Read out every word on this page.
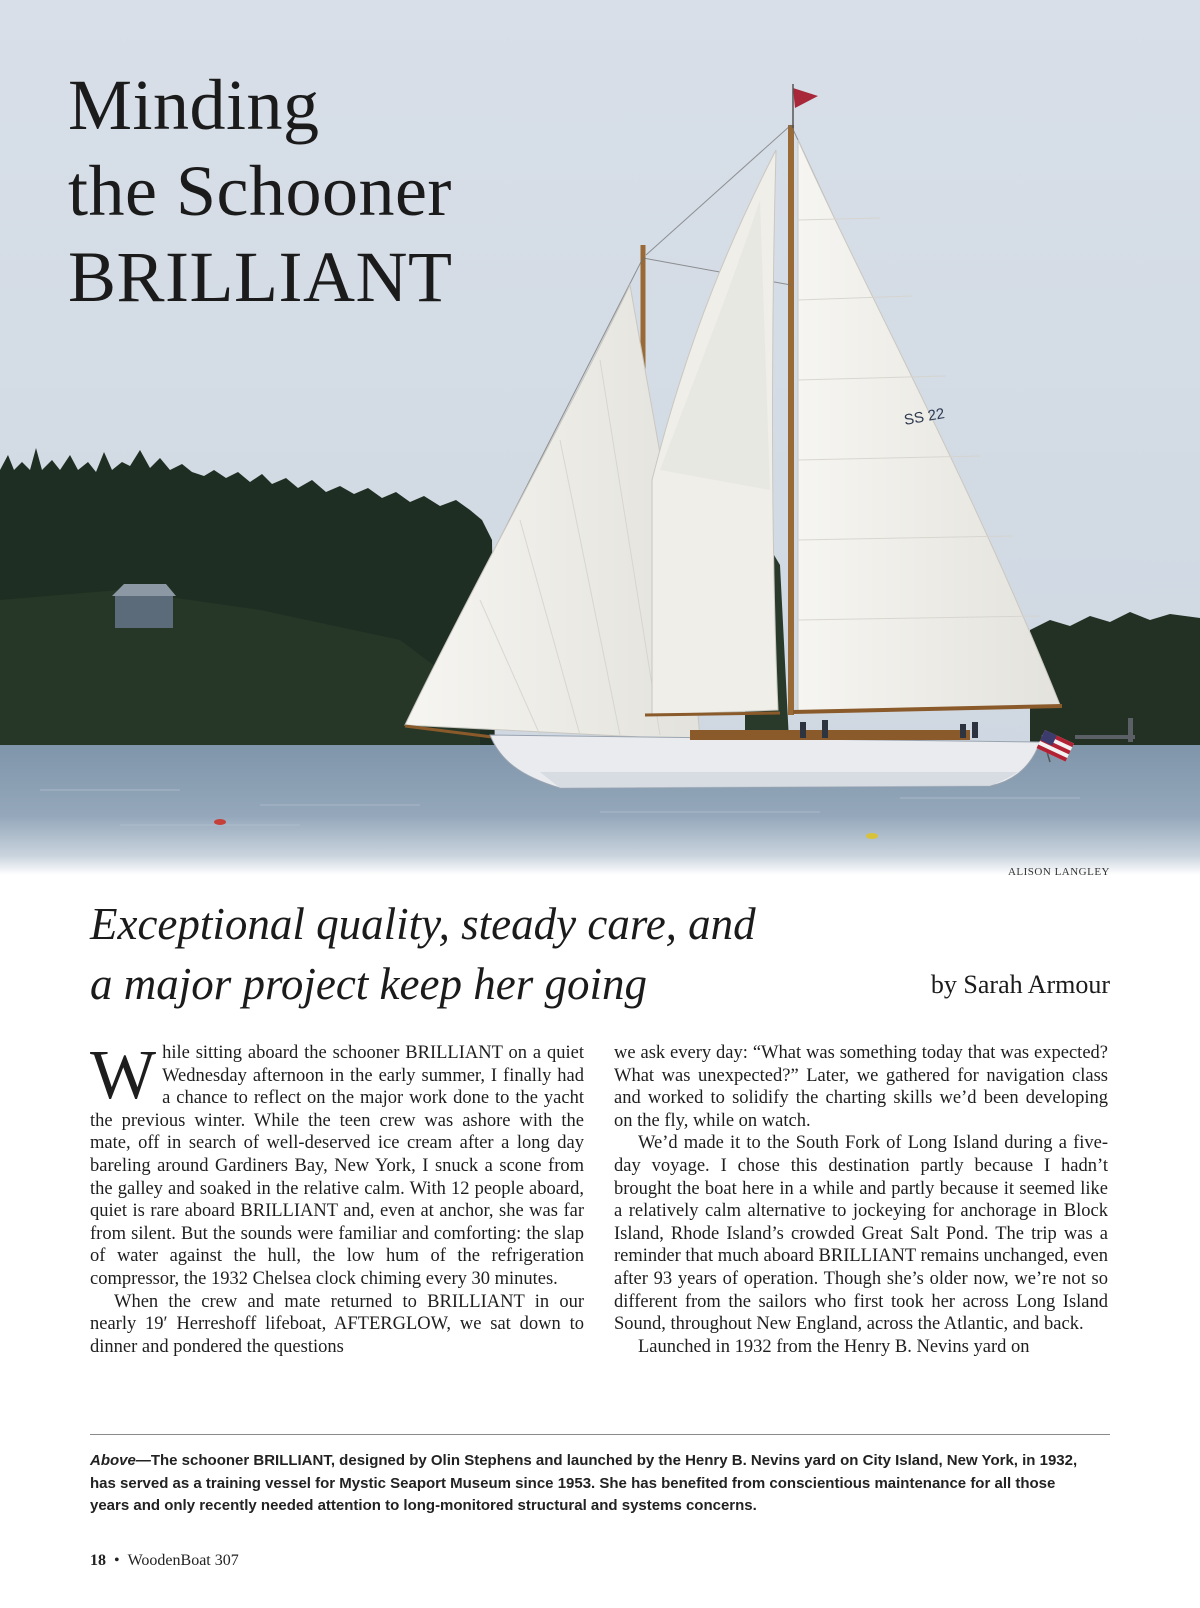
SS 22
Minding
the Schooner
BRILLIANT
ALISON LANGLEY
Exceptional quality, steady care, and
a major project keep her going	by Sarah Armour

While sitting aboard the schooner BRILLIANT on a quiet Wednesday afternoon in the early summer, I finally had a chance to reflect on the major work done to the yacht the previous winter. While the teen crew was ashore with the mate, off in search of well-deserved ice cream after a long day bareling around Gardiners Bay, New York, I snuck a scone from the galley and soaked in the relative calm. With 12 people aboard, quiet is rare aboard BRILLIANT and, even at anchor, she was far from silent. But the sounds were familiar and comforting: the slap of water against the hull, the low hum of the refrigeration compressor, the 1932 Chelsea clock chiming every 30 minutes.

When the crew and mate returned to BRILLIANT in our nearly 19′ Herreshoff lifeboat, AFTERGLOW, we sat down to dinner and pondered the questions

we ask every day: “What was something today that was expected? What was unexpected?” Later, we gathered for navigation class and worked to solidify the charting skills we’d been developing on the fly, while on watch.

We’d made it to the South Fork of Long Island during a five-day voyage. I chose this destination partly because I hadn’t brought the boat here in a while and partly because it seemed like a relatively calm alternative to jockeying for anchorage in Block Island, Rhode Island’s crowded Great Salt Pond. The trip was a reminder that much aboard BRILLIANT remains unchanged, even after 93 years of operation. Though she’s older now, we’re not so different from the sailors who first took her across Long Island Sound, throughout New England, across the Atlantic, and back.

Launched in 1932 from the Henry B. Nevins yard on

Above—The schooner BRILLIANT, designed by Olin Stephens and launched by the Henry B. Nevins yard on City Island, New York, in 1932, has served as a training vessel for Mystic Seaport Museum since 1953. She has benefited from conscientious maintenance for all those years and only recently needed attention to long-monitored structural and systems concerns.

18 • WoodenBoat 307
